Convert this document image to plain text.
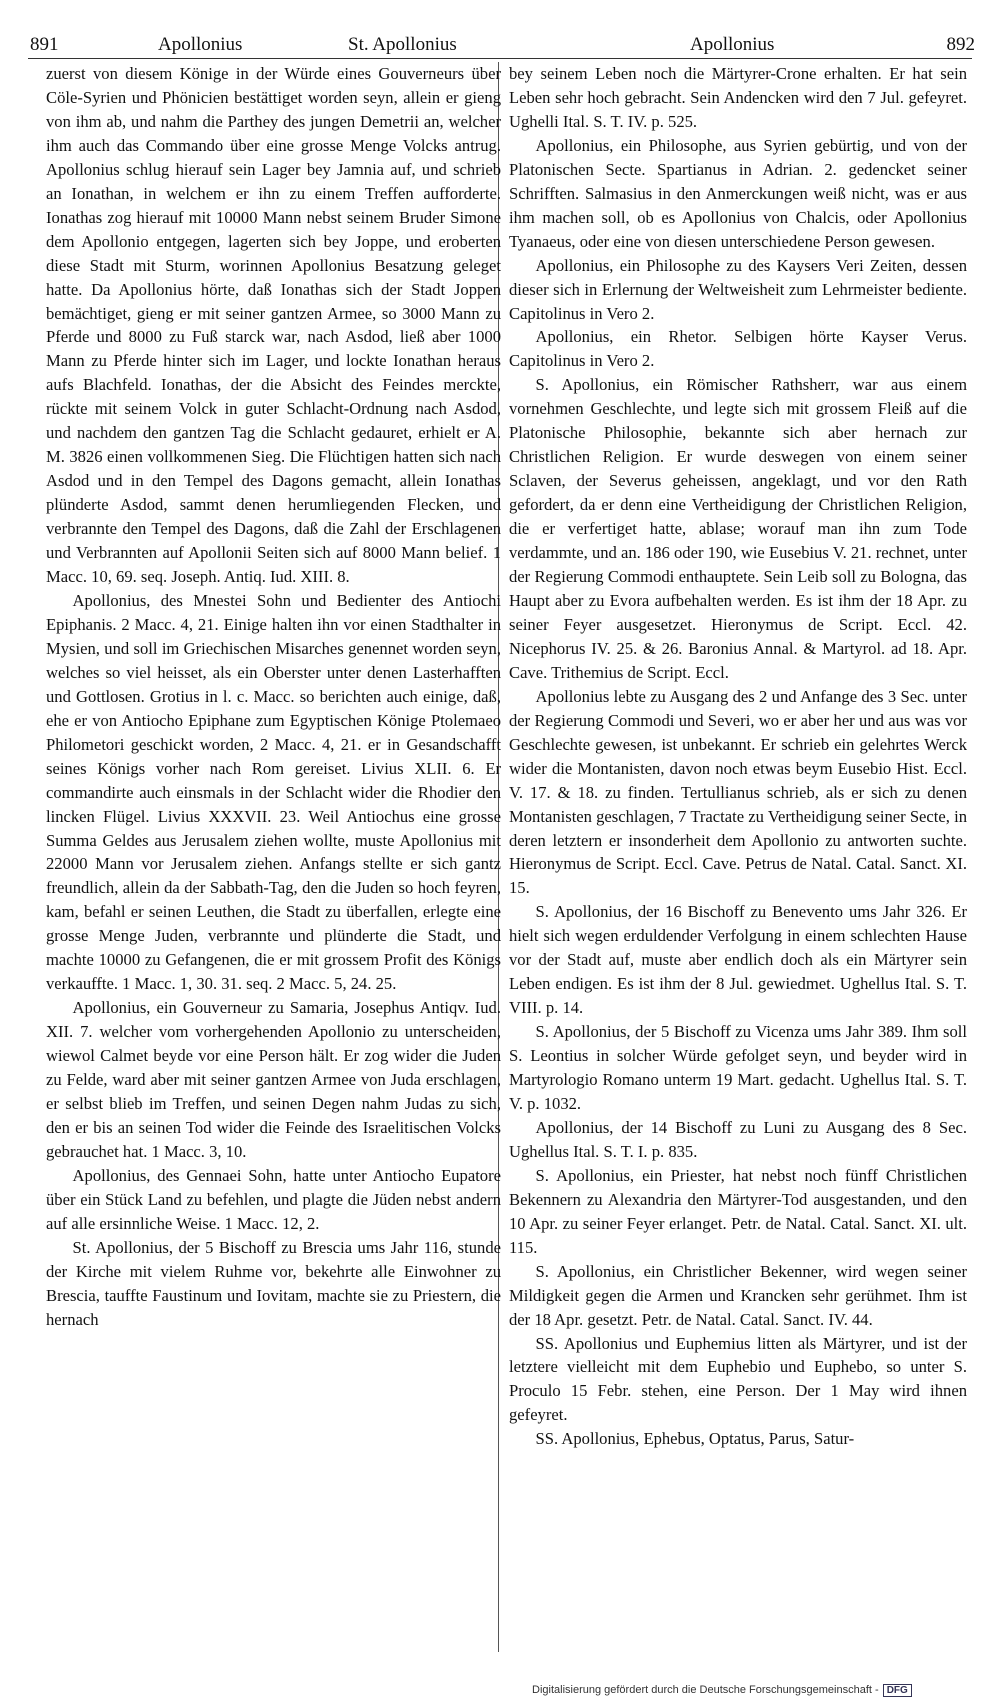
891	Apollonius	St. Apollonius	Apollonius	892

zuerst von diesem Könige in der Würde eines Gouverneurs über Cöle-Syrien und Phönicien bestättiget worden seyn, allein er gieng von ihm ab, und nahm die Parthey des jungen Demetrii an, welcher ihm auch das Commando über eine grosse Menge Volcks antrug. Apollonius schlug hierauf sein Lager bey Jamnia auf, und schrieb an Ionathan, in welchem er ihn zu einem Treffen aufforderte. Ionathas zog hierauf mit 10000 Mann nebst seinem Bruder Simone dem Apollonio entgegen, lagerten sich bey Joppe, und eroberten diese Stadt mit Sturm, worinnen Apollonius Besatzung geleget hatte. Da Apollonius hörte, daß Ionathas sich der Stadt Joppen bemächtiget, gieng er mit seiner gantzen Armee, so 3000 Mann zu Pferde und 8000 zu Fuß starck war, nach Asdod, ließ aber 1000 Mann zu Pferde hinter sich im Lager, und lockte Ionathan heraus aufs Blachfeld. Ionathas, der die Absicht des Feindes merckte, rückte mit seinem Volck in guter Schlacht-Ordnung nach Asdod, und nachdem den gantzen Tag die Schlacht gedauret, erhielt er A. M. 3826 einen vollkommenen Sieg. Die Flüchtigen hatten sich nach Asdod und in den Tempel des Dagons gemacht, allein Ionathas plünderte Asdod, sammt denen herumliegenden Flecken, und verbrannte den Tempel des Dagons, daß die Zahl der Erschlagenen und Verbrannten auf Apollonii Seiten sich auf 8000 Mann belief. 1 Macc. 10, 69. seq. Joseph. Antiq. Iud. XIII. 8.

Apollonius, des Mnestei Sohn und Bedienter des Antiochi Epiphanis. 2 Macc. 4, 21. Einige halten ihn vor einen Stadthalter in Mysien, und soll im Griechischen Misarches genennet worden seyn, welches so viel heisset, als ein Oberster unter denen Lasterhafften und Gottlosen. Grotius in l. c. Macc. so berichten auch einige, daß, ehe er von Antiocho Epiphane zum Egyptischen Könige Ptolemaeo Philometori geschickt worden, 2 Macc. 4, 21. er in Gesandschafft seines Königs vorher nach Rom gereiset. Livius XLII. 6. Er commandirte auch einsmals in der Schlacht wider die Rhodier den lincken Flügel. Livius XXXVII. 23. Weil Antiochus eine grosse Summa Geldes aus Jerusalem ziehen wollte, muste Apollonius mit 22000 Mann vor Jerusalem ziehen. Anfangs stellte er sich gantz freundlich, allein da der Sabbath-Tag, den die Juden so hoch feyren, kam, befahl er seinen Leuthen, die Stadt zu überfallen, erlegte eine grosse Menge Juden, verbrannte und plünderte die Stadt, und machte 10000 zu Gefangenen, die er mit grossem Profit des Königs verkauffte. 1 Macc. 1, 30. 31. seq. 2 Macc. 5, 24. 25.

Apollonius, ein Gouverneur zu Samaria, Josephus Antiqv. Iud. XII. 7. welcher vom vorhergehenden Apollonio zu unterscheiden, wiewol Calmet beyde vor eine Person hält. Er zog wider die Juden zu Felde, ward aber mit seiner gantzen Armee von Juda erschlagen, er selbst blieb im Treffen, und seinen Degen nahm Judas zu sich, den er bis an seinen Tod wider die Feinde des Israelitischen Volcks gebrauchet hat. 1 Macc. 3, 10.

Apollonius, des Gennaei Sohn, hatte unter Antiocho Eupatore über ein Stück Land zu befehlen, und plagte die Jüden nebst andern auf alle ersinnliche Weise. 1 Macc. 12, 2.

St. Apollonius, der 5 Bischoff zu Brescia ums Jahr 116, stunde der Kirche mit vielem Ruhme vor, bekehrte alle Einwohner zu Brescia, tauffte Faustinum und Iovitam, machte sie zu Priestern, die hernach

bey seinem Leben noch die Märtyrer-Crone erhalten. Er hat sein Leben sehr hoch gebracht. Sein Andencken wird den 7 Jul. gefeyret. Ughelli Ital. S. T. IV. p. 525.

Apollonius, ein Philosophe, aus Syrien gebürtig, und von der Platonischen Secte. Spartianus in Adrian. 2. gedencket seiner Schrifften. Salmasius in den Anmerckungen weiß nicht, was er aus ihm machen soll, ob es Apollonius von Chalcis, oder Apollonius Tyanaeus, oder eine von diesen unterschiedene Person gewesen.

Apollonius, ein Philosophe zu des Kaysers Veri Zeiten, dessen dieser sich in Erlernung der Weltweisheit zum Lehrmeister bediente. Capitolinus in Vero 2.

Apollonius, ein Rhetor. Selbigen hörte Kayser Verus. Capitolinus in Vero 2.

S. Apollonius, ein Römischer Rathsherr, war aus einem vornehmen Geschlechte, und legte sich mit grossem Fleiß auf die Platonische Philosophie, bekannte sich aber hernach zur Christlichen Religion. Er wurde deswegen von einem seiner Sclaven, der Severus geheissen, angeklagt, und vor den Rath gefordert, da er denn eine Vertheidigung der Christlichen Religion, die er verfertiget hatte, ablase; worauf man ihn zum Tode verdammte, und an. 186 oder 190, wie Eusebius V. 21. rechnet, unter der Regierung Commodi enthauptete. Sein Leib soll zu Bologna, das Haupt aber zu Evora aufbehalten werden. Es ist ihm der 18 Apr. zu seiner Feyer ausgesetzet. Hieronymus de Script. Eccl. 42. Nicephorus IV. 25. & 26. Baronius Annal. & Martyrol. ad 18. Apr. Cave. Trithemius de Script. Eccl.

Apollonius lebte zu Ausgang des 2 und Anfange des 3 Sec. unter der Regierung Commodi und Severi, wo er aber her und aus was vor Geschlechte gewesen, ist unbekannt. Er schrieb ein gelehrtes Werck wider die Montanisten, davon noch etwas beym Eusebio Hist. Eccl. V. 17. & 18. zu finden. Tertullianus schrieb, als er sich zu denen Montanisten geschlagen, 7 Tractate zu Vertheidigung seiner Secte, in deren letztern er insonderheit dem Apollonio zu antworten suchte. Hieronymus de Script. Eccl. Cave. Petrus de Natal. Catal. Sanct. XI. 15.

S. Apollonius, der 16 Bischoff zu Benevento ums Jahr 326. Er hielt sich wegen erduldender Verfolgung in einem schlechten Hause vor der Stadt auf, muste aber endlich doch als ein Märtyrer sein Leben endigen. Es ist ihm der 8 Jul. gewiedmet. Ughellus Ital. S. T. VIII. p. 14.

S. Apollonius, der 5 Bischoff zu Vicenza ums Jahr 389. Ihm soll S. Leontius in solcher Würde gefolget seyn, und beyder wird in Martyrologio Romano unterm 19 Mart. gedacht. Ughellus Ital. S. T. V. p. 1032.

Apollonius, der 14 Bischoff zu Luni zu Ausgang des 8 Sec. Ughellus Ital. S. T. I. p. 835.

S. Apollonius, ein Priester, hat nebst noch fünff Christlichen Bekennern zu Alexandria den Märtyrer-Tod ausgestanden, und den 10 Apr. zu seiner Feyer erlanget. Petr. de Natal. Catal. Sanct. XI. ult. 115.

S. Apollonius, ein Christlicher Bekenner, wird wegen seiner Mildigkeit gegen die Armen und Krancken sehr gerühmet. Ihm ist der 18 Apr. gesetzt. Petr. de Natal. Catal. Sanct. IV. 44.

SS. Apollonius und Euphemius litten als Märtyrer, und ist der letztere vielleicht mit dem Euphebio und Euphebo, so unter S. Proculo 15 Febr. stehen, eine Person. Der 1 May wird ihnen gefeyret.

SS. Apollonius, Ephebus, Optatus, Parus, Satur-

Digitalisierung gefördert durch die Deutsche Forschungsgemeinschaft - DFG
